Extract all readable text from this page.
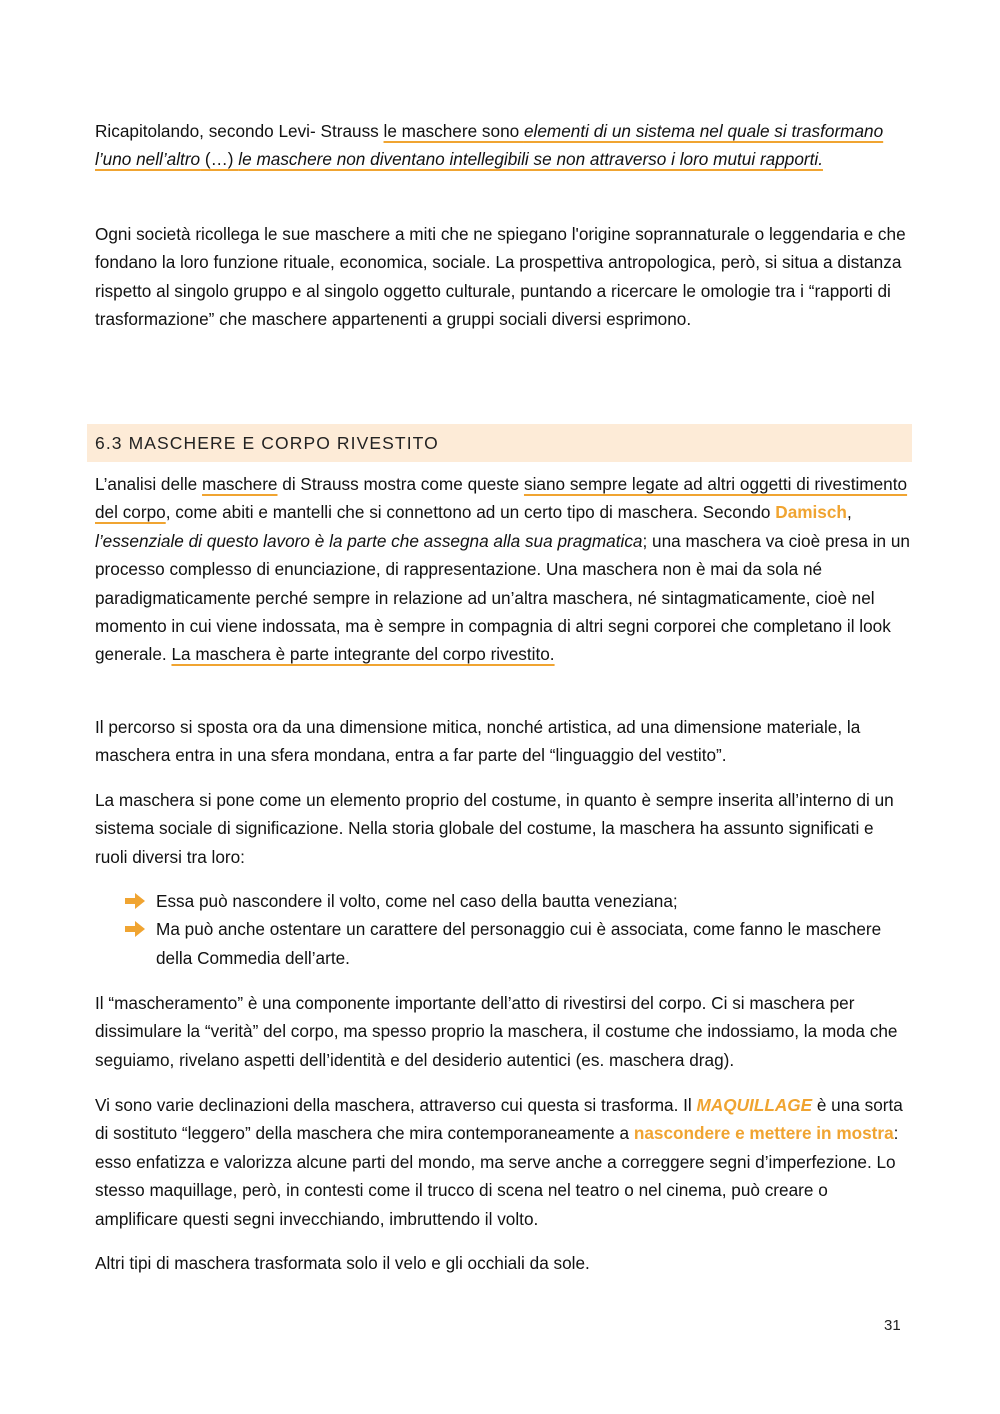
Ricapitolando, secondo Levi- Strauss le maschere sono elementi di un sistema nel quale si trasformano l’uno nell’altro (…) le maschere non diventano intellegibili se non attraverso i loro mutui rapporti.

Ogni società ricollega le sue maschere a miti che ne spiegano l'origine soprannaturale o leggendaria e che fondano la loro funzione rituale, economica, sociale. La prospettiva antropologica, però, si situa a distanza rispetto al singolo gruppo e al singolo oggetto culturale, puntando a ricercare le omologie tra i “rapporti di trasformazione” che maschere appartenenti a gruppi sociali diversi esprimono.

6.3 MASCHERE E CORPO RIVESTITO

L’analisi delle maschere di Strauss mostra come queste siano sempre legate ad altri oggetti di rivestimento del corpo, come abiti e mantelli che si connettono ad un certo tipo di maschera. Secondo Damisch, l’essenziale di questo lavoro è la parte che assegna alla sua pragmatica; una maschera va cioè presa in un processo complesso di enunciazione, di rappresentazione. Una maschera non è mai da sola né paradigmaticamente perché sempre in relazione ad un’altra maschera, né sintagmaticamente, cioè nel momento in cui viene indossata, ma è sempre in compagnia di altri segni corporei che completano il look generale. La maschera è parte integrante del corpo rivestito.

Il percorso si sposta ora da una dimensione mitica, nonché artistica, ad una dimensione materiale, la maschera entra in una sfera mondana, entra a far parte del “linguaggio del vestito”.

La maschera si pone come un elemento proprio del costume, in quanto è sempre inserita all’interno di un sistema sociale di significazione. Nella storia globale del costume, la maschera ha assunto significati e ruoli diversi tra loro:

Essa può nascondere il volto, come nel caso della bautta veneziana;
Ma può anche ostentare un carattere del personaggio cui è associata, come fanno le maschere della Commedia dell’arte.

Il “mascheramento” è una componente importante dell’atto di rivestirsi del corpo. Ci si maschera per dissimulare la “verità” del corpo, ma spesso proprio la maschera, il costume che indossiamo, la moda che seguiamo, rivelano aspetti dell’identità e del desiderio autentici (es. maschera drag).

Vi sono varie declinazioni della maschera, attraverso cui questa si trasforma. Il MAQUILLAGE è una sorta di sostituto “leggero” della maschera che mira contemporaneamente a nascondere e mettere in mostra: esso enfatizza e valorizza alcune parti del mondo, ma serve anche a correggere segni d’imperfezione. Lo stesso maquillage, però, in contesti come il trucco di scena nel teatro o nel cinema, può creare o amplificare questi segni invecchiando, imbruttendo il volto.

Altri tipi di maschera trasformata solo il velo e gli occhiali da sole.

31
